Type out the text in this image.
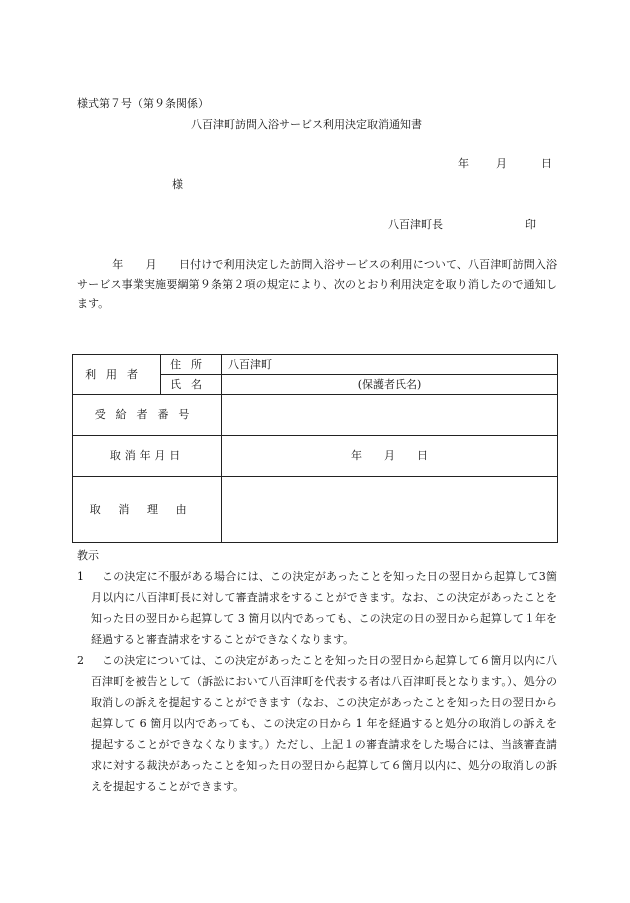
様式第７号（第９条関係）
八百津町訪問入浴サービス利用決定取消通知書
年 月	日
様
八百津町長	印
年　　月　　日付けで利用決定した訪問入浴サービスの利用について、八百津町訪問入浴サービス事業実施要綱第９条第２項の規定により、次のとおり利用決定を取り消したので通知します。
利用者	住所	八百津町
	氏名	(保護者氏名)
受給者番号		
取消年月日		年　　月　　日
取消理由		
教示
1	この決定に不服がある場合には、この決定があったことを知った日の翌日から起算して3箇月以内に八百津町長に対して審査請求をすることができます。なお、この決定があったことを知った日の翌日から起算して 3 箇月以内であっても、この決定の日の翌日から起算して１年を経過すると審査請求をすることができなくなります。
2	この決定については、この決定があったことを知った日の翌日から起算して６箇月以内に八百津町を被告として（訴訟において八百津町を代表する者は八百津町長となります。）、処分の取消しの訴えを提起することができます（なお、この決定があったことを知った日の翌日から起算して 6 箇月以内であっても、この決定の日から 1 年を経過すると処分の取消しの訴えを提起することができなくなります。）ただし、上記１の審査請求をした場合には、当該審査請求に対する裁決があったことを知った日の翌日から起算して６箇月以内に、処分の取消しの訴えを提起することができます。
